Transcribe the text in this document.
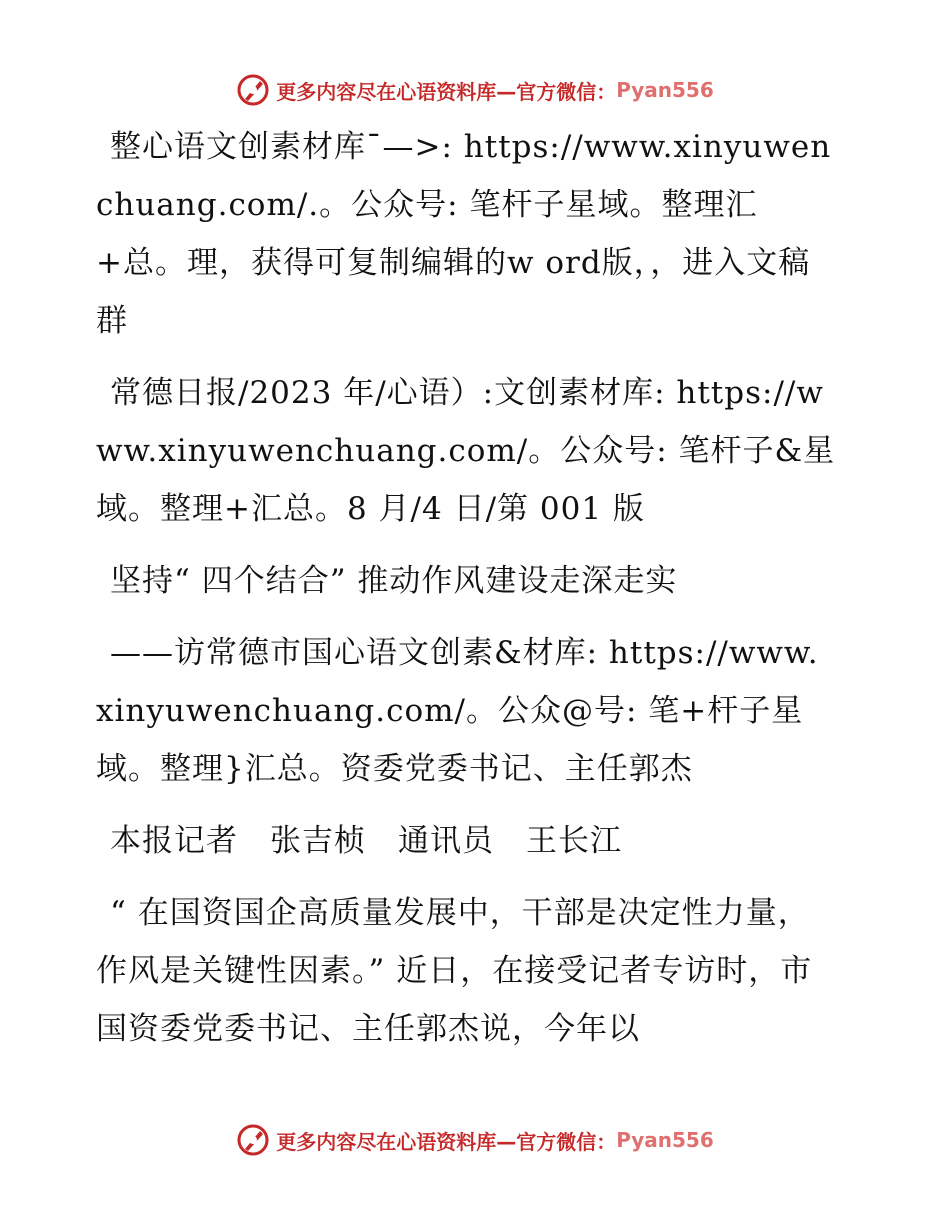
更多内容尽在心语资料库—官方微信： Pyan556

整心语文创素材库¯—>: https://www.xinyuwenchuang.com/.。公众号: 笔杆子星域。整理汇+总。理，获得可复制编辑的w ord版，，进入文稿群

常德日报/2023 年/心语）:文创素材库: https://www.xinyuwenchuang.com/。公众号: 笔杆子&星域。整理+汇总。8 月/4 日/第 001 版

坚持“ 四个结合” 推动作风建设走深走实

——访常德市国心语文创素&材库: https://www.xinyuwenchuang.com/。公众@号: 笔+杆子星域。整理}汇总。资委党委书记、主任郭杰

本报记者　张吉桢　通讯员　王长江

“ 在国资国企高质量发展中，干部是决定性力量，作风是关键性因素。” 近日，在接受记者专访时，市国资委党委书记、主任郭杰说，今年以

更多内容尽在心语资料库—官方微信： Pyan556
